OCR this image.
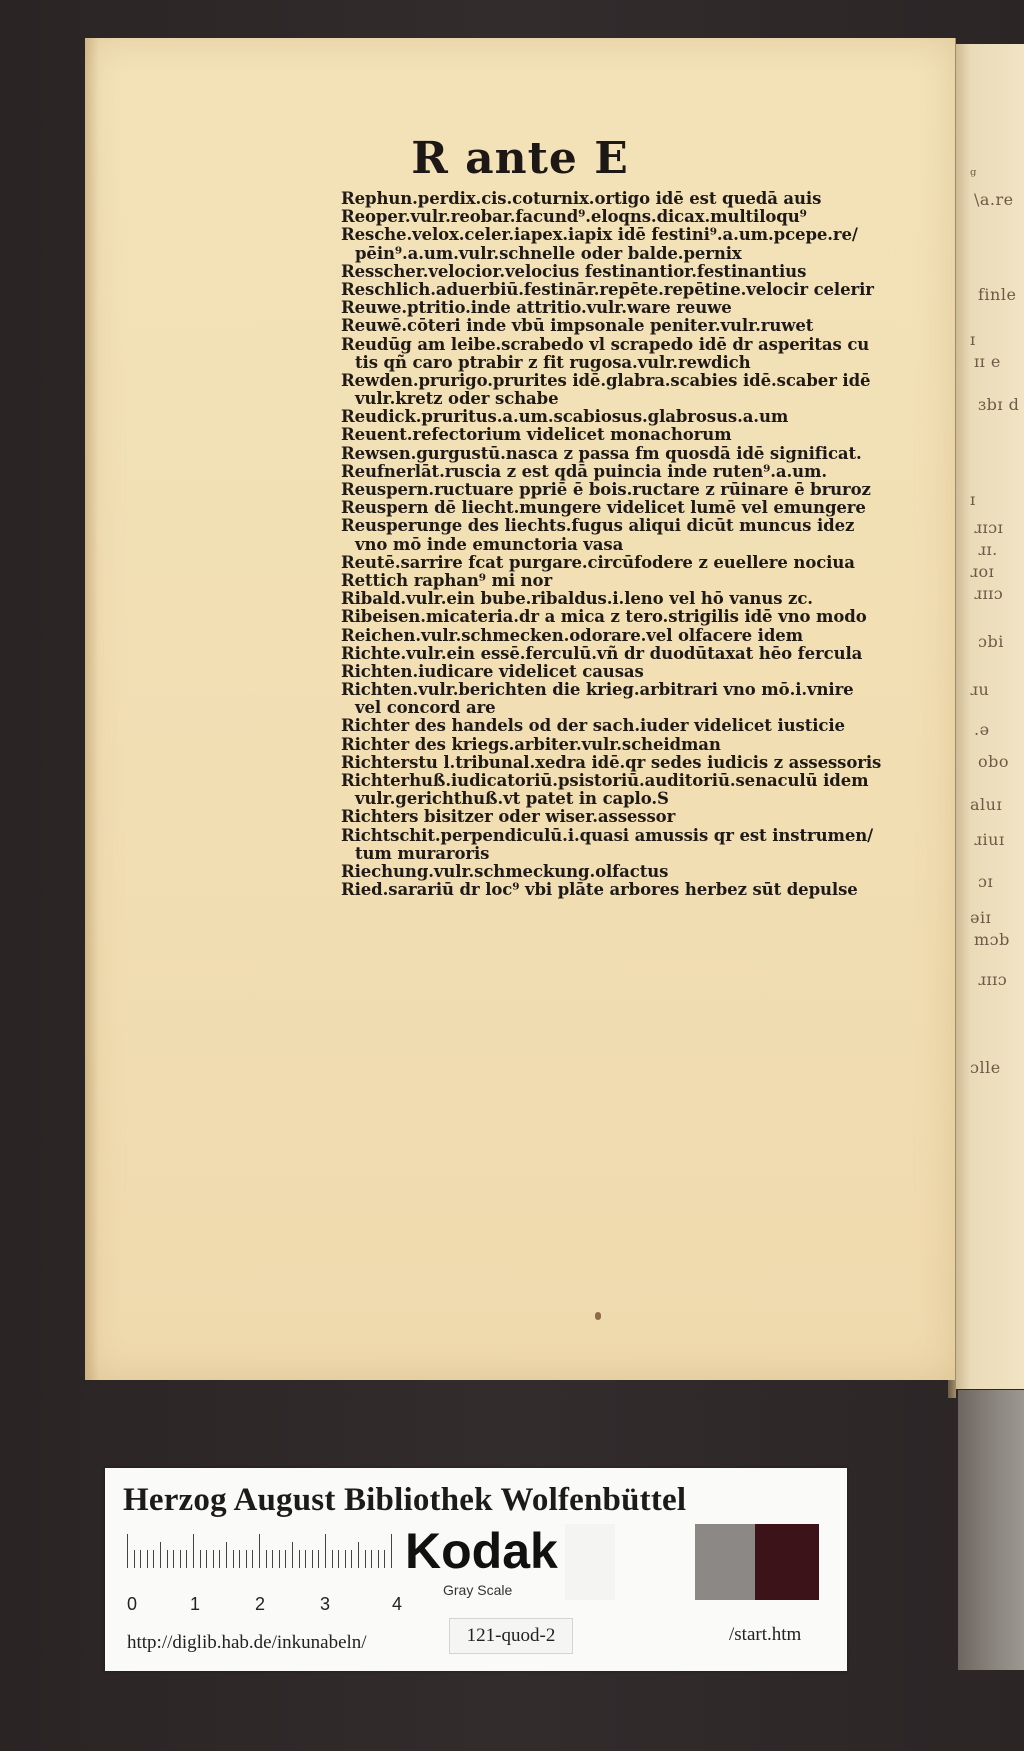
ᵍ
\a.re
finle
ɪ
ɪɪ e
ɜbɪ d
ɪ
ɹɪɔɪ
ɹɪ.
ɹoɪ
ɹɪɪɔ
ɔbi
ɹu
.ǝ
obo
aluɪ
ɹiuɪ
ɔɪ
ǝiɪ
mɔb
ɹɪɪɔ
ɔlle
R ante E
Rephun.perdix.cis.coturnix.ortigo idē est quedā auis
Reoper.vulr.reobar.facund⁹.eloqns.dicax.multiloqu⁹
Resche.velox.celer.iapex.iapix idē festini⁹.a.um.pcepe.re/
pēin⁹.a.um.vulr.schnelle oder balde.pernix
Resscher.velocior.velocius festinantior.festinantius
Reschlich.aduerbiū.festinār.repēte.repētine.velocir celerir
Reuwe.ptritio.inde attritio.vulr.ware reuwe
Reuwē.cōteri inde vbū impsonale peniter.vulr.ruwet
Reudūg am leibe.scrabedo vl scrapedo idē dr asperitas cu
tis qñ caro ptrabir z fit rugosa.vulr.rewdich
Rewden.prurigo.prurites idē.glabra.scabies idē.scaber idē
vulr.kretz oder schabe
Reudick.pruritus.a.um.scabiosus.glabrosus.a.um
Reuent.refectorium videlicet monachorum
Rewsen.gurgustū.nasca z passa fm quosdā idē significat.
Reufnerlāt.ruscia z est qdā puincia inde ruten⁹.a.um.
Reuspern.ructuare ppriē ē bois.ructare z rūinare ē bruroz
Reuspern dē liecht.mungere videlicet lumē vel emungere
Reusperunge des liechts.fugus aliqui dicūt muncus idez
vno mō inde emunctoria vasa
Reutē.sarrire fcat purgare.circūfodere z euellere nociua
Rettich raphan⁹ mi nor
Ribald.vulr.ein bube.ribaldus.i.leno vel hō vanus zc.
Ribeisen.micateria.dr a mica z tero.strigilis idē vno modo
Reichen.vulr.schmecken.odorare.vel olfacere idem
Richte.vulr.ein essē.ferculū.vñ dr duodūtaxat hēo fercula
Richten.iudicare videlicet causas
Richten.vulr.berichten die krieg.arbitrari vno mō.i.vnire
vel concord are
Richter des handels od der sach.iuder videlicet iusticie
Richter des kriegs.arbiter.vulr.scheidman
Richterstu l.tribunal.xedra idē.qr sedes iudicis z assessoris
Richterhuß.iudicatoriū.psistoriū.auditoriū.senaculū idem
vulr.gerichthuß.vt patet in caplo.S
Richters bisitzer oder wiser.assessor
Richtschit.perpendiculū.i.quasi amussis qr est instrumen/
tum muraroris
Riechung.vulr.schmeckung.olfactus
Ried.sarariū dr loc⁹ vbi plāte arbores herbez sūt depulse
Herzog August Bibliothek Wolfenbüttel
0	1	2	3	4
Kodak
Gray Scale
http://diglib.hab.de/inkunabeln/	121-quod-2	/start.htm
